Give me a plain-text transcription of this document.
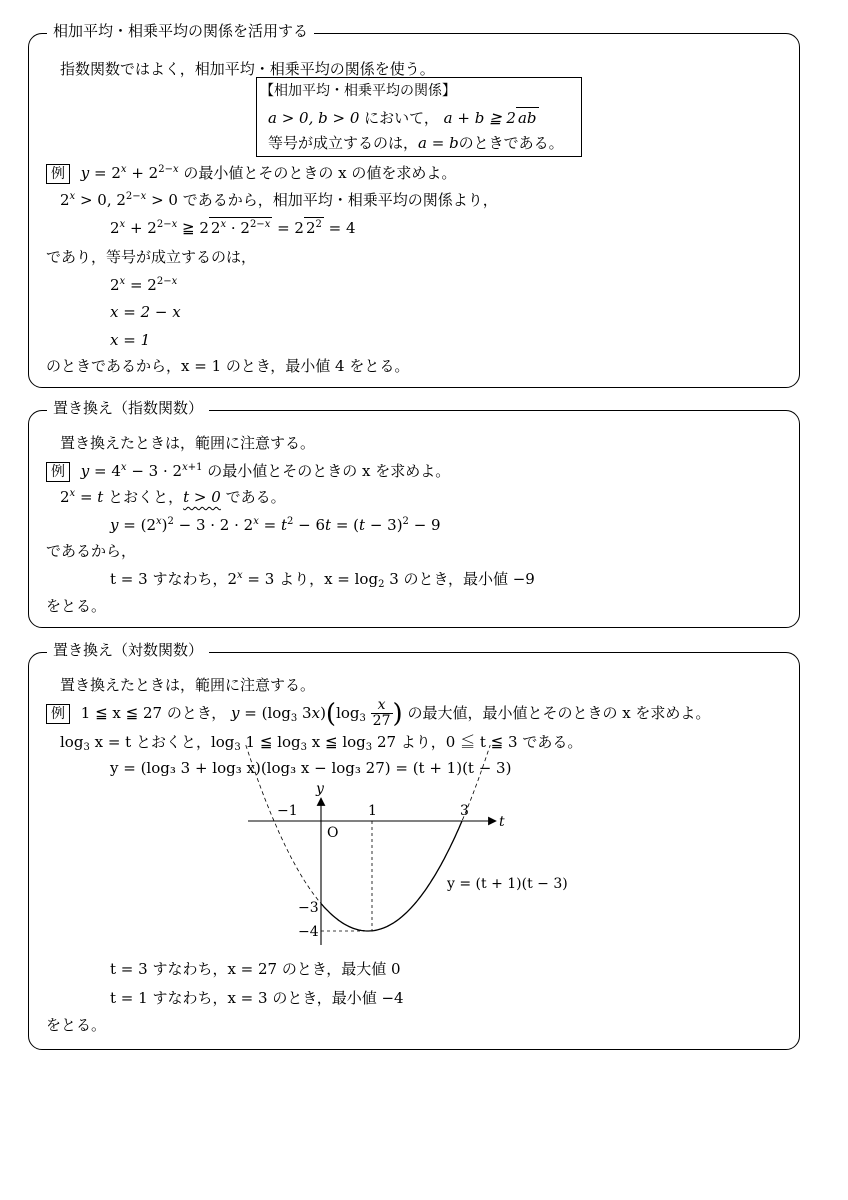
相加平均・相乗平均の関係を活用する
指数関数ではよく，相加平均・相乗平均の関係を使う。
【相加平均・相乗平均の関係】
a > 0, b > 0 において， a + b ≧ 2 ab
等号が成立するのは，a = bのときである。
例 $y = 2^x + 2^{2-x}$ の最小値とそのときの x の値を求めよ。
$2^x > 0$, $2^{2-x} > 0$ であるから，相加平均・相乗平均の関係より，
$2^x + 2^{2-x}$ ≧ 2 $2^x \cdot 2^{2-x} = 2$ $2^2 = 4$
であり，等号が成立するのは，
$2^x = 2^{2-x}$
x = 2 − x
x = 1
のときであるから，x = 1 のとき，最小値 4 をとる。
置き換え（指数関数）
置き換えたときは，範囲に注意する。
例 $y = 4^x - 3 \cdot 2^{x+1}$ の最小値とそのときの x を求めよ。
$2^x = t$ とおくと，t > 0 である。
$y = (2^x)^2 - 3 \cdot 2 \cdot 2^x = t^2 - 6t = (t - 3)^2 - 9$
であるから，
t = 3 すなわち，$2^x = 3$ より，$x = \log_2 3$ のとき，最小値 −9
をとる。
置き換え（対数関数）
置き換えたときは，範囲に注意する。
例 1 ≦ x ≦ 27 のとき， $y = (\log_3$ $3x)(\log_3 \frac{x}{27}$ ) の最大値，最小値とそのときの x を求めよ。
$\log_3 x = t$ とおくと，$\log_3 1$ ≦ $\log_3 x$ ≦ $\log_3 27$ より，0 ≦ t ≦ 3 である。
y = (log₃ 3 + log₃ x)(log₃ x − log₃ 27) = (t + 1)(t − 3)
y
t
O
−1	1	3
−3
−4
y = (t + 1)(t − 3)
t = 3 すなわち，x = 27 のとき，最大値 0
t = 1 すなわち，x = 3 のとき，最小値 −4
をとる。
